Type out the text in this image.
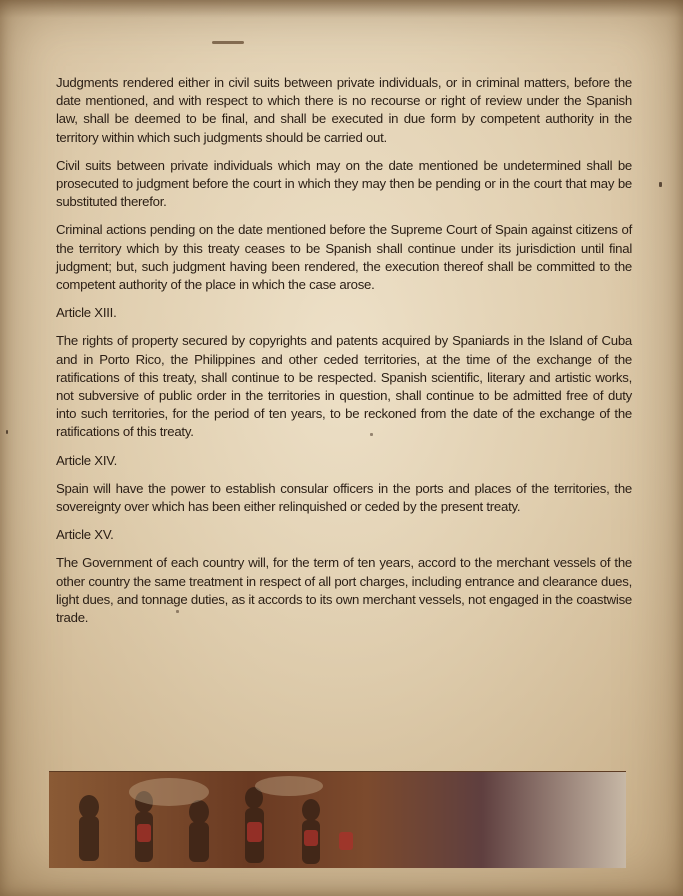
Judgments rendered either in civil suits between private individuals, or in criminal matters, before the date mentioned, and with respect to which there is no recourse or right of review under the Spanish law, shall be deemed to be final, and shall be executed in due form by competent authority in the territory within which such judgments should be carried out.

Civil suits between private individuals which may on the date mentioned be undetermined shall be prosecuted to judgment before the court in which they may then be pending or in the court that may be substituted therefor.

Criminal actions pending on the date mentioned before the Supreme Court of Spain against citizens of the territory which by this treaty ceases to be Spanish shall continue under its jurisdiction until final judgment; but, such judgment having been rendered, the execution thereof shall be committed to the competent authority of the place in which the case arose.

Article XIII.

The rights of property secured by copyrights and patents acquired by Spaniards in the Island of Cuba and in Porto Rico, the Philippines and other ceded territories, at the time of the exchange of the ratifications of this treaty, shall continue to be respected. Spanish scientific, literary and artistic works, not subversive of public order in the territories in question, shall continue to be admitted free of duty into such territories, for the period of ten years, to be reckoned from the date of the exchange of the ratifications of this treaty.

Article XIV.

Spain will have the power to establish consular officers in the ports and places of the territories, the sovereignty over which has been either relinquished or ceded by the present treaty.

Article XV.

The Government of each country will, for the term of ten years, accord to the merchant vessels of the other country the same treatment in respect of all port charges, including entrance and clearance dues, light dues, and tonnage duties, as it accords to its own merchant vessels, not engaged in the coastwise trade.
